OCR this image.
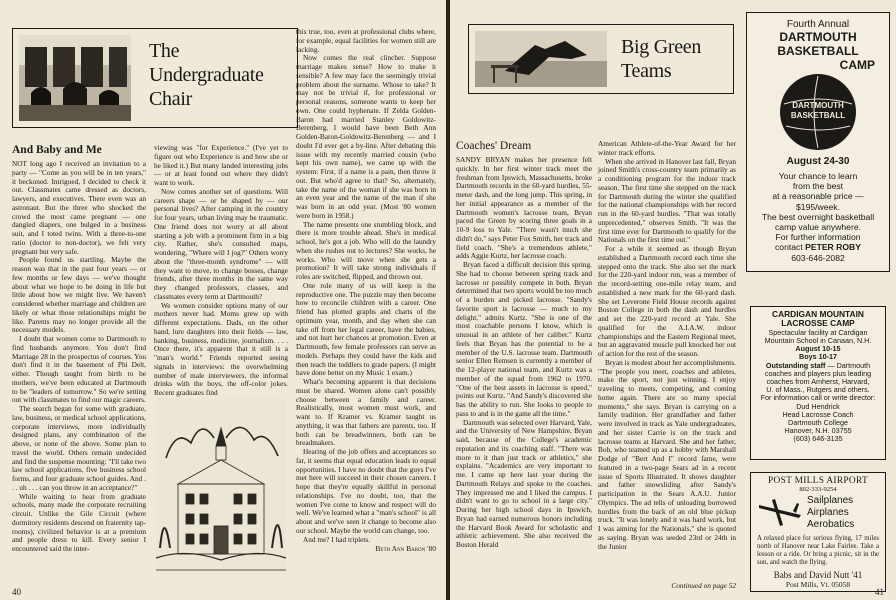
The
Undergraduate
Chair
And Baby and Me

NOT long ago I received an invitation to a party — "Come as you will be in ten years," it beckoned. Intrigued, I decided to check it out. Classmates came dressed as doctors, lawyers, and executives. There even was an astronaut. But the three who shocked the crowd the most came pregnant — one dangled diapers, one bulged in a business suit, and I toted twins. With a three-to-one ratio (doctor to non-doctor), we felt very pregnant but very safe.

People found us startling. Maybe the reason was that in the past four years — or few months or few days — we've thought about what we hope to be doing in life but little about how we might live. We haven't considered whether marriage and children are likely or what those relationships might be like. Parents may no longer provide all the necessary models.

I doubt that women come to Dartmouth to find husbands anymore. You don't find Marriage 28 in the prospectus of courses. You don't find it in the basement of Phi Delt, either. Though taught from birth to be mothers, we've been educated at Dartmouth to be "leaders of tomorrow." So we're setting out with classmates to find our magic careers.

The search began for some with graduate, law, business, or medical school applications, corporate interviews, more individually designed plans, any combination of the above, or none of the above. Some plan to travel the world. Others remain undecided and find the suspense mounting: "I'll take two law school applications, five business school forms, and four graduate school guides. And . . . uh . . . can you throw in an acceptance?"

While waiting to hear from graduate schools, many made the corporate recruiting circuit. Unlike the Gile Circuit (where dormitory residents descend on fraternity tap-rooms), civilized behavior is at a premium and people dress to kill. Every senior I encountered said the inter-

viewing was "for Experience." (I've yet to figure out who Experience is and how she or he liked it.) But many landed interesting jobs — or at least found out where they didn't want to work.

Now comes another set of questions. Will careers shape — or be shaped by — our personal lives? After camping in the country for four years, urban living may be traumatic. One friend does not worry at all about starting a job with a prominent firm in a big city. Rather, she's consulted maps, wondering, "Where will I jog?" Others worry about the "three-month syndrome" — will they want to move, to change bosses, change friends, after three months in the same way they changed professors, classes, and classmates every term at Dartmouth?

We women consider options many of our mothers never had. Moms grew up with different expectations. Dads, on the other hand, lure daughters into their fields — law, banking, business, medicine, journalism. . . . Once there, it's apparent that it still is a "man's world." Friends reported seeing signals in interviews: the overwhelming number of male interviewers, the informal drinks with the boys, the off-color jokes. Recent graduates find

this true, too, even at professional clubs where, for example, equal facilities for women still are lacking.

Now comes the real clincher. Suppose marriage makes sense? How to make it sensible? A few may face the seemingly trivial problem about the surname. Whose to take? It may not be trivial if, for professional or personal reasons, someone wants to keep her own. One could hyphenate. If Zelda Golden-Baron had married Stanley Goldowitz-Berenberg, I would have been Beth Ann Golden-Baron-Goldowitz-Berenberg — and I doubt I'd ever get a by-line. After debating this issue with my recently married cousin (who kept his own name), we came up with the system: First, if a name is a pain, then throw it out. But who'd agree to that? So, alternately, take the name of the woman if she was born in an even year and the name of the man if she was born in an odd year. (Most '80 women were born in 1958.)

The name presents one stumbling block, and there is more trouble ahead. She's in medical school, he's got a job. Who will do the laundry when she rushes out to lectures? She works, he works. Who will move when she gets a promotion? It will take strong individuals if roles are switched, flipped, and thrown out.

One role many of us will keep is the reproductive one. The puzzle may then become how to reconcile children with a career. One friend has plotted graphs and charts of the optimum year, month, and day when she can take off from her legal career, have the babies, and not hurt her chances at promotion. Even at Dartmouth, few female professors can serve as models. Perhaps they could have the kids and then teach the toddlers to grade papers. (I might have done better on my Music 1 exam.)

What's becoming apparent is that decisions must be shared. Women alone can't possibly choose between a family and career. Realistically, most women must work, and want to. If Kramer vs. Kramer taught us anything, it was that fathers are parents, too. If both can be breadwinners, both can be breadmakers.

Hearing of the job offers and acceptances so far, it seems that equal education leads to equal opportunities. I have no doubt that the guys I've met here will succeed in their chosen careers. I hope that they're equally skillful in personal relationships. I've no doubt, too, that the women I've come to know and respect will do well. We've learned what a "man's school" is all about and we've seen it change to become also our school. Maybe the world can change, too.

And me? I had triplets.

Beth Ann Baron '80
40
Big Green
Teams
Coaches' Dream

SANDY BRYAN makes her presence felt quickly. In her first winter track meet the freshman from Ipswich, Massachusetts, broke Dartmouth records in the 60-yard hurdles, 55-meter dash, and the long jump. This spring, in her initial appearance as a member of the Dartmouth women's lacrosse team, Bryan paced the Green by scoring three goals in a 10-9 loss to Yale. "There wasn't much she didn't do," says Peter Fox Smith, her track and field coach. "She's a tremendous athlete," adds Aggie Kurtz, her lacrosse coach.

Bryan faced a difficult decision this spring. She had to choose between spring track and lacrosse or possibly compete in both. Bryan determined that two sports would be too much of a burden and picked lacrosse. "Sandy's favorite sport is lacrosse — much to my delight," admits Kurtz. "She is one of the most coachable persons I know, which is unusual in an athlete of her caliber." Kurtz feels that Bryan has the potential to be a member of the U.S. lacrosse team. Dartmouth senior Ellen Remsen is currently a member of the 12-player national team, and Kurtz was a member of the squad from 1962 to 1970. "One of the best assets in lacrosse is speed," points out Kurtz. "And Sandy's discovered she has the ability to run. She looks to people to pass to and is in the game all the time."

Dartmouth was selected over Harvard, Yale, and the University of New Hampshire, Bryan said, because of the College's academic reputation and its coaching staff. "There was more to it than just track or athletics," she explains. "Academics are very important to me. I came up here last year during the Dartmouth Relays and spoke to the coaches. They impressed me and I liked the campus. I didn't want to go to school in a large city." During her high school days in Ipswich, Bryan had earned numerous honors including the Harvard Book Award for scholastic and athletic achievement. She also received the Boston Herald

American Athlete-of-the-Year Award for her winter track efforts.

When she arrived in Hanover last fall, Bryan joined Smith's cross-country team primarily as a conditioning program for the indoor track season. The first time she stepped on the track for Dartmouth during the winter she qualified for the national championships with her record run in the 60-yard hurdles. "That was totally unprecedented," observes Smith. "It was the first time ever for Dartmouth to qualify for the Nationals on the first time out."

For a while it seemed as though Bryan established a Dartmouth record each time she stepped onto the track. She also set the mark for the 220-yard indoor run, was a member of the record-setting one-mile relay team, and established a new mark for the 60-yard dash. She set Leverone Field House records against Boston College in both the dash and hurdles and set the 220-yard record at Yale. She qualified for the A.I.A.W. indoor championships and the Eastern Regional meet, but an aggravated muscle pull knocked her out of action for the rest of the season.

Bryan is modest about her accomplishments. "The people you meet, coaches and athletes, make the sport, not just winning. I enjoy traveling to meets, competing, and coming home again. There are so many special moments," she says. Bryan is carrying on a family tradition. Her grandfather and father were involved in track as Yale undergraduates, and her sister Carrie is on the track and lacrosse teams at Harvard. She and her father, Bob, who teamed up as a hobby with Marshall Dodge of "Bert And I" record fame, were featured in a two-page Sears ad in a recent issue of Sports Illustrated. It shows daughter and father snowsliding after Sandy's participation in the Sears A.A.U. Junior Olympics. The ad tells of unloading borrowed hurdles from the back of an old blue pickup truck. "It was lonely and it was hard work, but I was aiming for the Nationals," she is quoted as saying. Bryan was seeded 23rd or 24th in the Junior

Continued on page 52
Fourth Annual
DARTMOUTH
BASKETBALL
CAMP
DARTMOUTH
BASKETBALL
August 24-30
Your chance to learn
from the best
at a reasonable price —
$195/week.
The best overnight basketball
camp value anywhere.
For further information
contact PETER ROBY
603-646-2082
CARDIGAN MOUNTAIN
LACROSSE CAMP
Spectacular facility at Cardigan
Mountain School in Canaan, N.H.
August 10-15
Boys 10-17
Outstanding staff — Dartmouth
coaches and players plus leading
coaches from Amherst, Harvard,
U. of Mass., Rutgers and others.
For information call or write director:
Dud Hendrick
Head Lacrosse Coach
Dartmouth College
Hanover, N.H. 03755
(603) 646-3135
POST MILLS AIRPORT
802-333-9254
Sailplanes
Airplanes
Aerobatics
A relaxed place for serious flying, 17 miles north of Hanover near Lake Fairlee. Take a lesson or a ride. Or bring a picnic, sit in the sun, and watch the flying.
Babs and David Nutt '41
Post Mills, Vt. 05058
41
